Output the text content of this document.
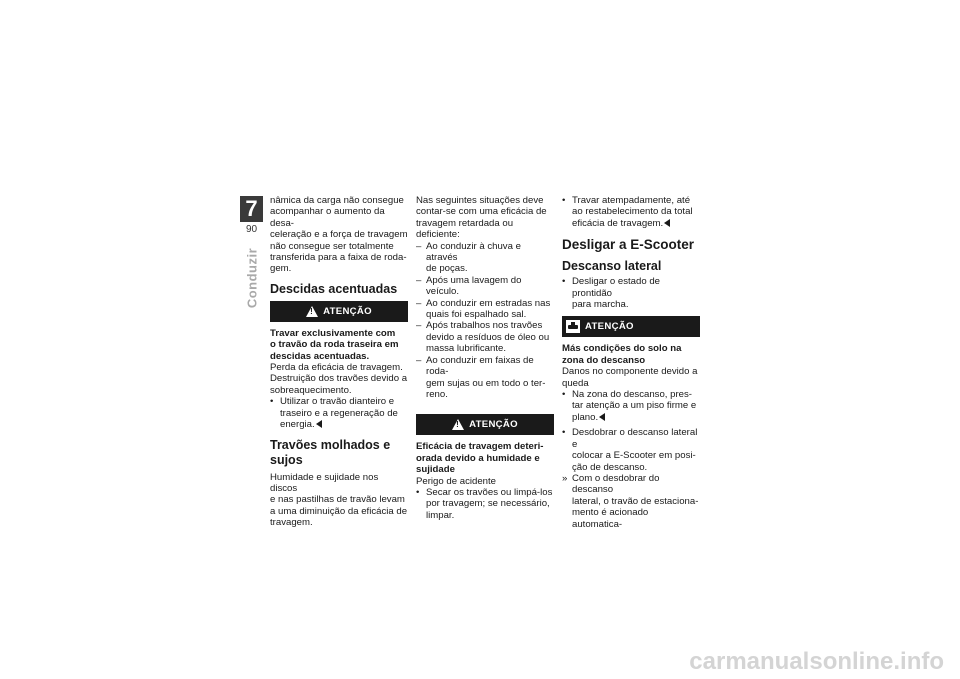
7
90
Conduzir
nâmica da carga não consegue
acompanhar o aumento da desa-
celeração e a força de travagem
não consegue ser totalmente
transferida para a faixa de roda-
gem.
Descidas acentuadas
!
ATENÇÃO
Travar exclusivamente com
o travão da roda traseira em
descidas acentuadas.
Perda da eficácia de travagem.
Destruição dos travões devido a
sobreaquecimento.
• Utilizar o travão dianteiro e
traseiro e a regeneração de
energia.
Travões molhados e sujos
Humidade e sujidade nos discos
e nas pastilhas de travão levam
a uma diminuição da eficácia de
travagem.
Nas seguintes situações deve
contar-se com uma eficácia de
travagem retardada ou deficiente:
– Ao conduzir à chuva e através
de poças.
– Após uma lavagem do veículo.
– Ao conduzir em estradas nas
quais foi espalhado sal.
– Após trabalhos nos travões
devido a resíduos de óleo ou
massa lubrificante.
– Ao conduzir em faixas de roda-
gem sujas ou em todo o ter-
reno.
!
ATENÇÃO
Eficácia de travagem deteri-
orada devido a humidade e
sujidade
Perigo de acidente
• Secar os travões ou limpá-los
por travagem; se necessário,
limpar.
• Travar atempadamente, até
ao restabelecimento da total
eficácia de travagem.
Desligar a E-Scooter
Descanso lateral
• Desligar o estado de prontidão
para marcha.
ATENÇÃO
Más condições do solo na
zona do descanso
Danos no componente devido a
queda
• Na zona do descanso, pres-
tar atenção a um piso firme e
plano.
• Desdobrar o descanso lateral e
colocar a E-Scooter em posi-
ção de descanso.
» Com o desdobrar do descanso
lateral, o travão de estaciona-
mento é acionado automatica-
carmanualsonline.info
